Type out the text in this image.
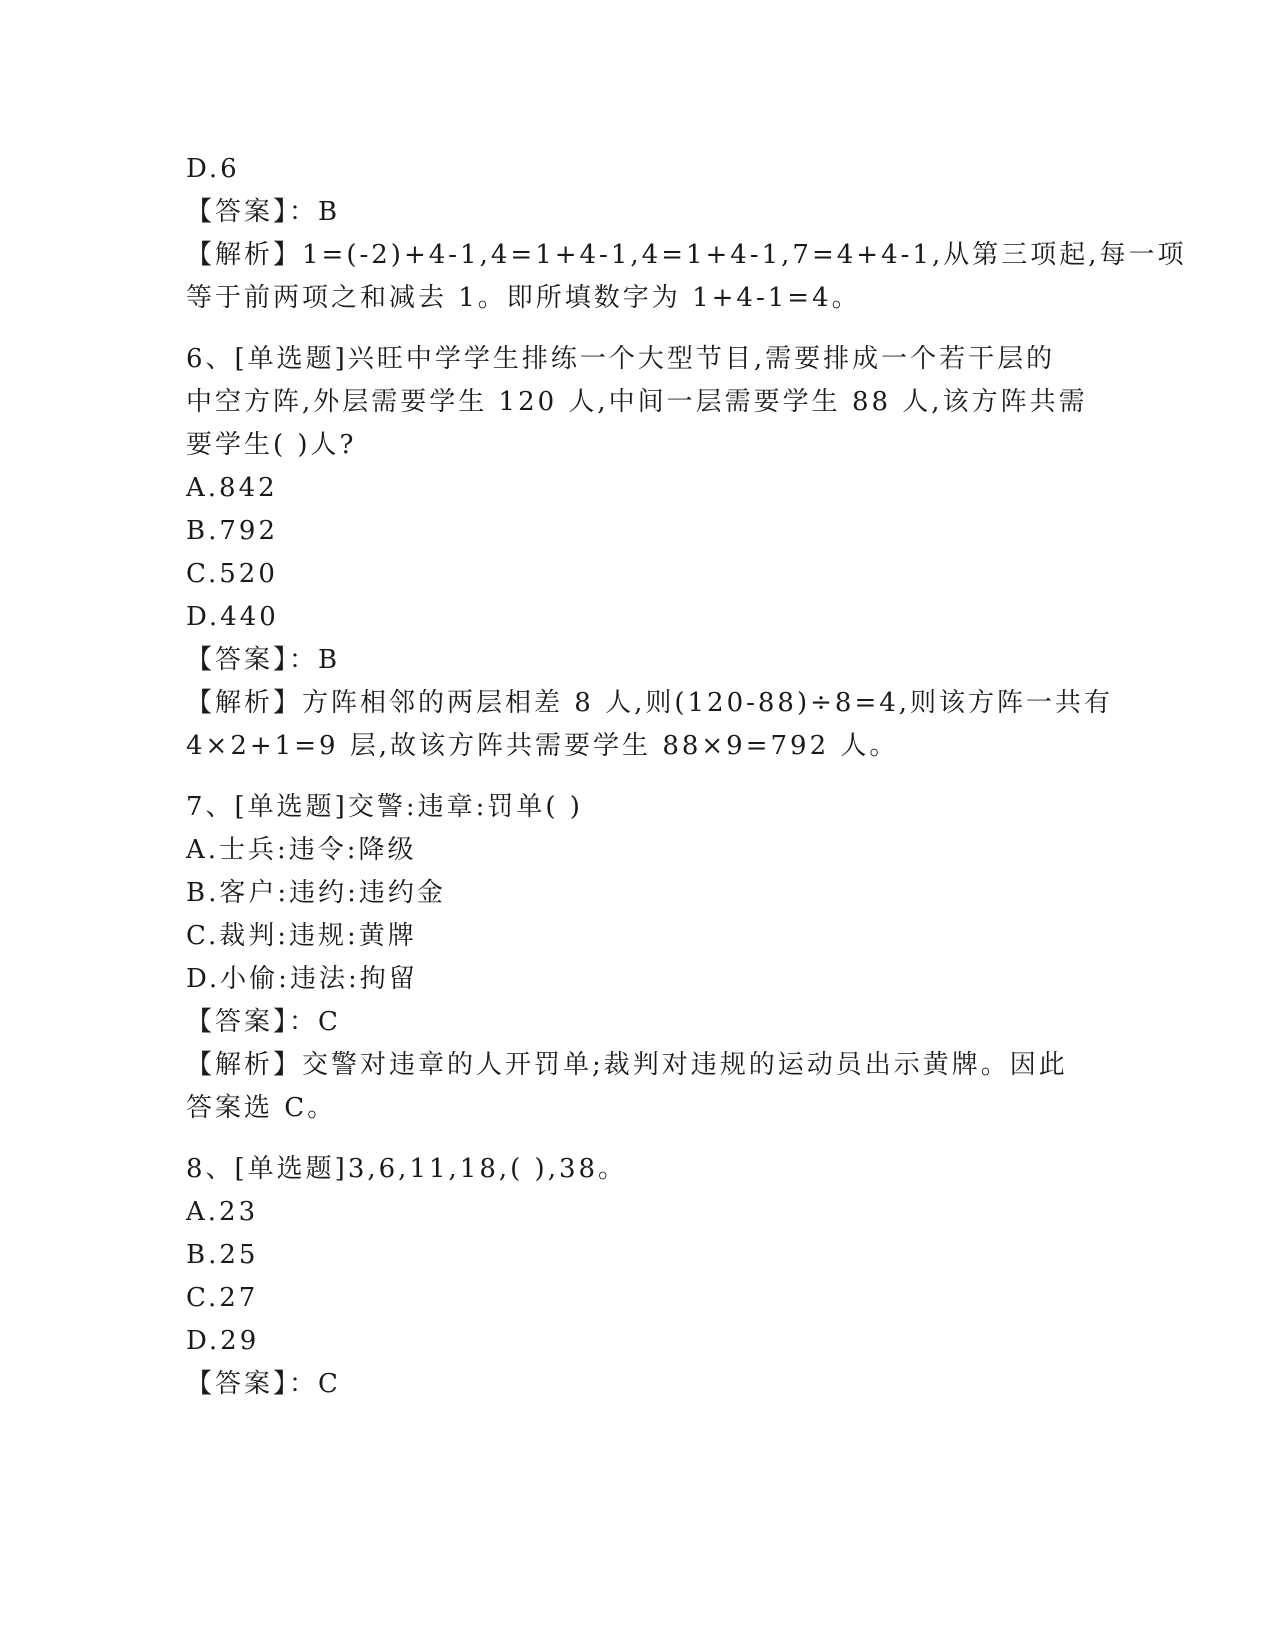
D.6
【答案】：B
【解析】1=(-2)+4-1,4=1+4-1,4=1+4-1,7=4+4-1,从第三项起,每一项
等于前两项之和减去 1。即所填数字为 1+4-1=4。
6、[单选题]兴旺中学学生排练一个大型节目,需要排成一个若干层的
中空方阵,外层需要学生 120 人,中间一层需要学生 88 人,该方阵共需
要学生( )人?
A.842
B.792
C.520
D.440
【答案】：B
【解析】方阵相邻的两层相差 8 人,则(120-88)÷8=4,则该方阵一共有
4×2+1=9 层,故该方阵共需要学生 88×9=792 人。
7、[单选题]交警:违章:罚单( )
A.士兵:违令:降级
B.客户:违约:违约金
C.裁判:违规:黄牌
D.小偷:违法:拘留
【答案】：C
【解析】交警对违章的人开罚单;裁判对违规的运动员出示黄牌。因此
答案选 C。
8、[单选题]3,6,11,18,( ),38。
A.23
B.25
C.27
D.29
【答案】：C
